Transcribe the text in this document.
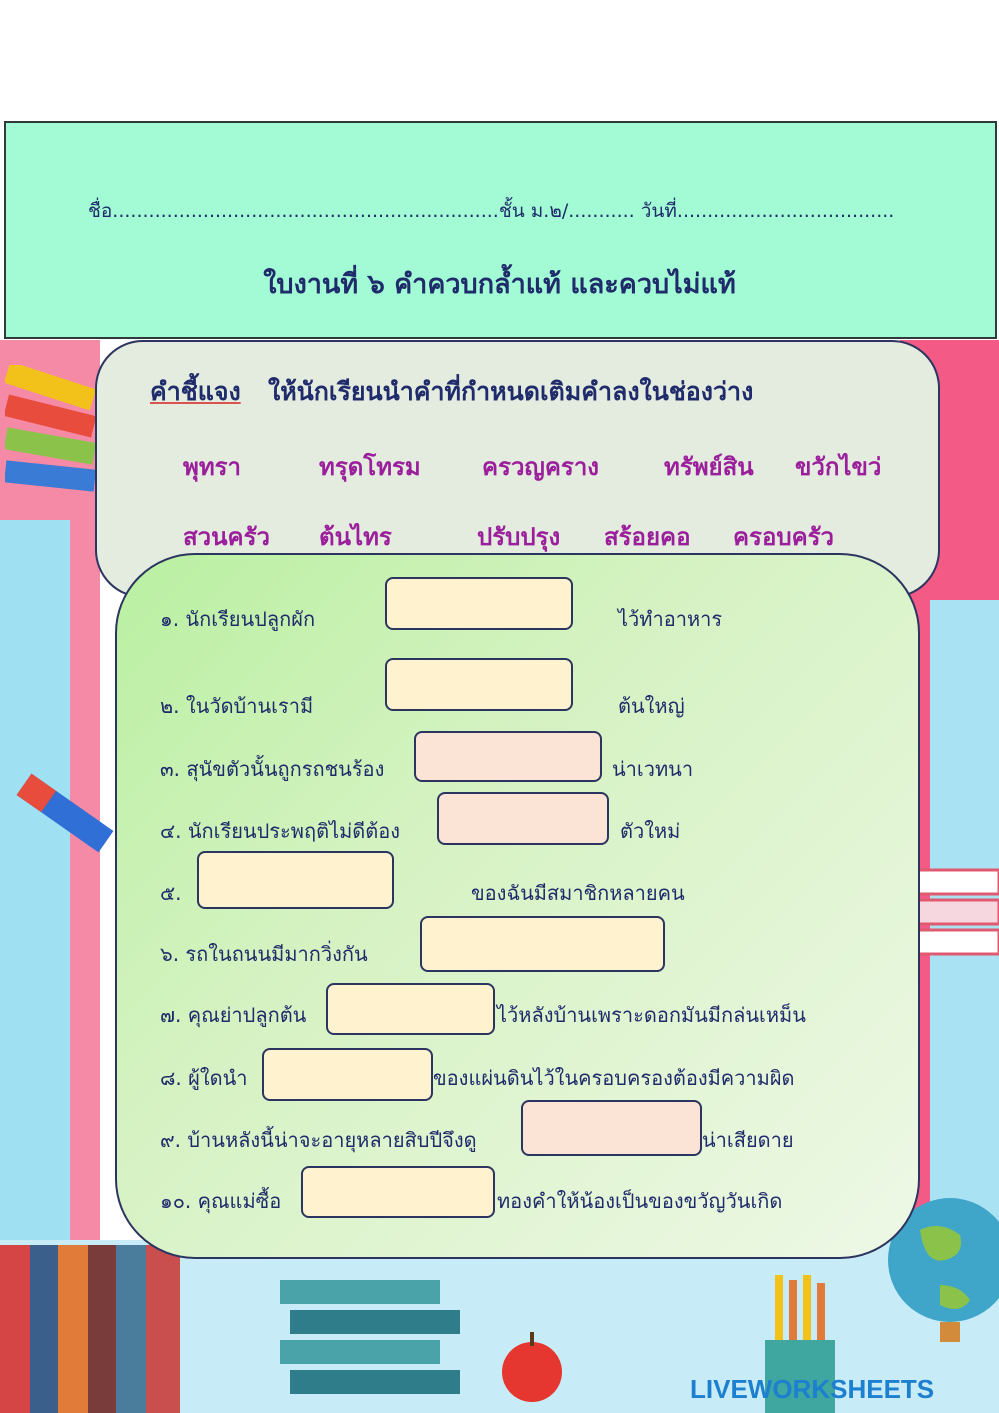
ชื่อ................................................................ชั้น ม.๒/........... วันที่....................................
ใบงานที่ ๖ คำควบกล้ำแท้ และควบไม่แท้
คำชี้แจง ให้นักเรียนนำคำที่กำหนดเติมคำลงในช่องว่าง
พุทรา	ทรุดโทรม	ครวญคราง	ทรัพย์สิน ขวักไขว่
สวนครัว ต้นไทร	ปรับปรุง สร้อยคอ ครอบครัว
๑. นักเรียนปลูกผัก	ไว้ทำอาหาร
๒. ในวัดบ้านเรามี	ต้นใหญ่
๓. สุนัขตัวนั้นถูกรถชนร้อง	น่าเวทนา
๔. นักเรียนประพฤติไม่ดีต้อง	ตัวใหม่
๕.	ของฉันมีสมาชิกหลายคน
๖. รถในถนนมีมากวิ่งกัน
๗. คุณย่าปลูกต้น	ไว้หลังบ้านเพราะดอกมันมีกล่นเหม็น
๘. ผู้ใดนำ	ของแผ่นดินไว้ในครอบครองต้องมีความผิด
๙. บ้านหลังนี้น่าจะอายุหลายสิบปีจึงดู	น่าเสียดาย
๑๐. คุณแม่ซื้อ	ทองคำให้น้องเป็นของขวัญวันเกิด
LIVEWORKSHEETS
